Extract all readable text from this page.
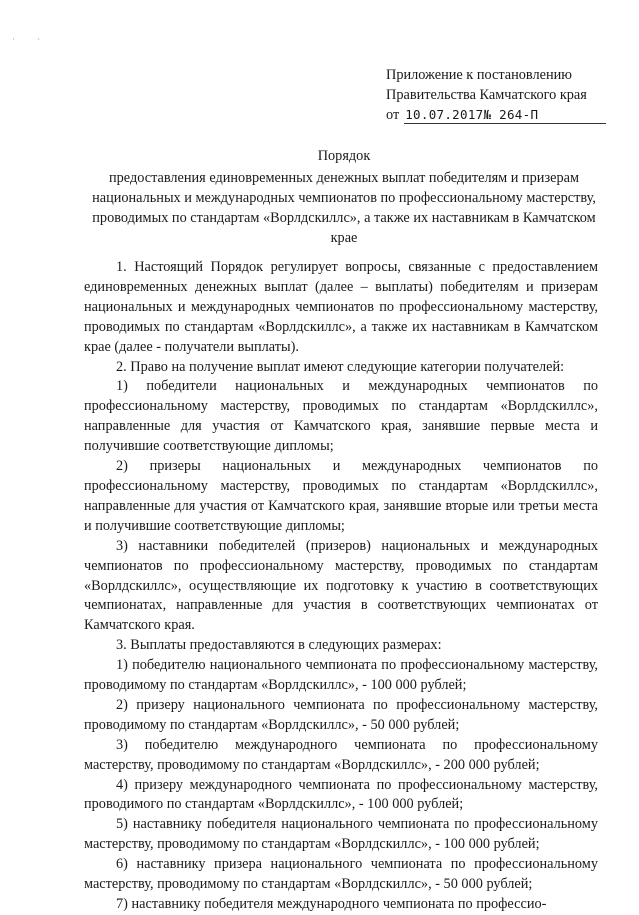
· ·
Приложение к постановлению
Правительства Камчатского края
от 10.07.2017№ 264-П
Порядок
предоставления единовременных денежных выплат победителям и призерам национальных и международных чемпионатов по профессиональному мастерству, проводимых по стандартам «Ворлдскиллс», а также их наставникам в Камчатском крае

1. Настоящий Порядок регулирует вопросы, связанные с предоставлением единовременных денежных выплат (далее – выплаты) победителям и призерам национальных и международных чемпионатов по профессиональному мастерству, проводимых по стандартам «Ворлдскиллс», а также их наставникам в Камчатском крае (далее - получатели выплаты).

2. Право на получение выплат имеют следующие категории получателей:

1) победители национальных и международных чемпионатов по профессиональному мастерству, проводимых по стандартам «Ворлдскиллс», направленные для участия от Камчатского края, занявшие первые места и получившие соответствующие дипломы;

2) призеры национальных и международных чемпионатов по профессиональному мастерству, проводимых по стандартам «Ворлдскиллс», направленные для участия от Камчатского края, занявшие вторые или третьи места и получившие соответствующие дипломы;

3) наставники победителей (призеров) национальных и международных чемпионатов по профессиональному мастерству, проводимых по стандартам «Ворлдскиллс», осуществляющие их подготовку к участию в соответствующих чемпионатах, направленные для участия в соответствующих чемпионатах от Камчатского края.

3. Выплаты предоставляются в следующих размерах:

1) победителю национального чемпионата по профессиональному мастерству, проводимому по стандартам «Ворлдскиллс», - 100 000 рублей;

2) призеру национального чемпионата по профессиональному мастерству, проводимому по стандартам «Ворлдскиллс», - 50 000 рублей;

3) победителю международного чемпионата по профессиональному мастерству, проводимому по стандартам «Ворлдскиллс», - 200 000 рублей;

4) призеру международного чемпионата по профессиональному мастерству, проводимого по стандартам «Ворлдскиллс», - 100 000 рублей;

5) наставнику победителя национального чемпионата по профессиональному мастерству, проводимому по стандартам «Ворлдскиллс», - 100 000 рублей;

6) наставнику призера национального чемпионата по профессиональному мастерству, проводимому по стандартам «Ворлдскиллс», - 50 000 рублей;

7) наставнику победителя международного чемпионата по профессио-
